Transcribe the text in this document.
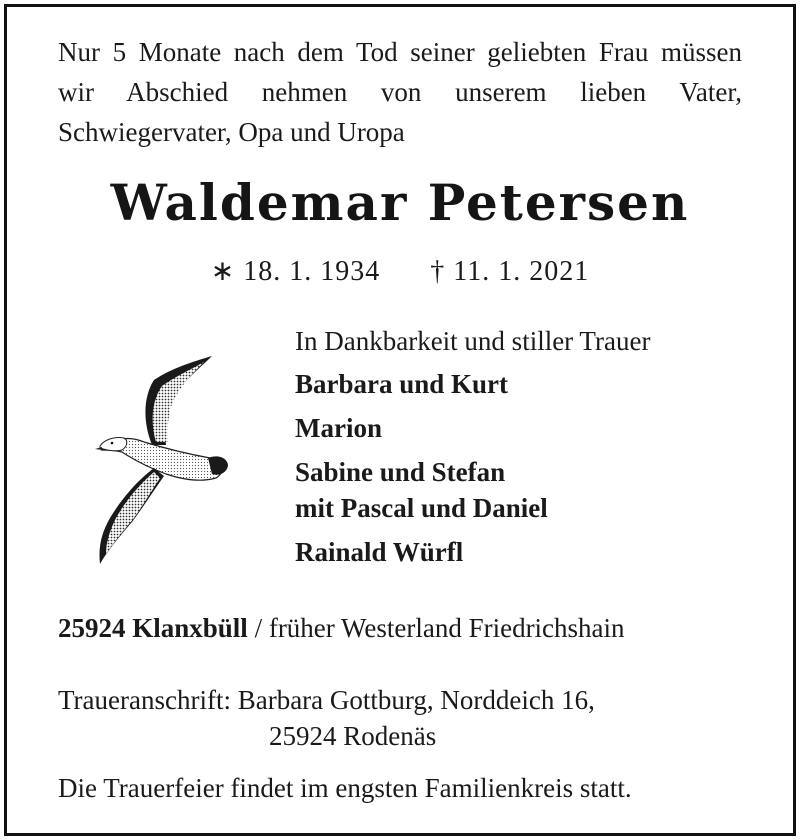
Nur 5 Monate nach dem Tod seiner geliebten Frau müssen
wir Abschied nehmen von unserem lieben Vater,
Schwiegervater, Opa und Uropa
Waldemar Petersen
∗ 18. 1. 1934 † 11. 1. 2021
In Dankbarkeit und stiller Trauer
Barbara und Kurt
Marion
Sabine und Stefan
mit Pascal und Daniel
Rainald Würfl
25924 Klanxbüll / früher Westerland Friedrichshain
Traueranschrift: Barbara Gottburg, Norddeich 16,
25924 Rodenäs
Die Trauerfeier findet im engsten Familienkreis statt.
